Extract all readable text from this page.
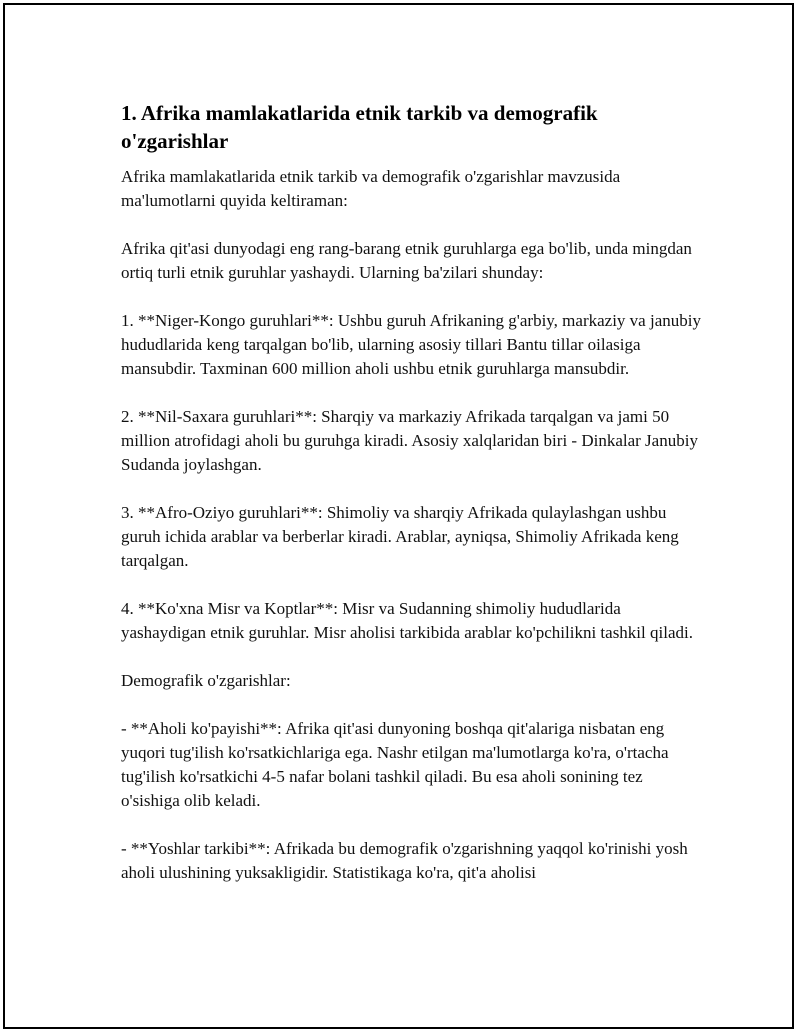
1. Afrika mamlakatlarida etnik tarkib va demografik o'zgarishlar

Afrika mamlakatlarida etnik tarkib va demografik o'zgarishlar mavzusida ma'lumotlarni quyida keltiraman:

Afrika qit'asi dunyodagi eng rang-barang etnik guruhlarga ega bo'lib, unda mingdan ortiq turli etnik guruhlar yashaydi. Ularning ba'zilari shunday:

1. **Niger-Kongo guruhlari**: Ushbu guruh Afrikaning g'arbiy, markaziy va janubiy hududlarida keng tarqalgan bo'lib, ularning asosiy tillari Bantu tillar oilasiga mansubdir. Taxminan 600 million aholi ushbu etnik guruhlarga mansubdir.

2. **Nil-Saxara guruhlari**: Sharqiy va markaziy Afrikada tarqalgan va jami 50 million atrofidagi aholi bu guruhga kiradi. Asosiy xalqlaridan biri - Dinkalar Janubiy Sudanda joylashgan.

3. **Afro-Oziyo guruhlari**: Shimoliy va sharqiy Afrikada qulaylashgan ushbu guruh ichida arablar va berberlar kiradi. Arablar, ayniqsa, Shimoliy Afrikada keng tarqalgan.

4. **Ko'xna Misr va Koptlar**: Misr va Sudanning shimoliy hududlarida yashaydigan etnik guruhlar. Misr aholisi tarkibida arablar ko'pchilikni tashkil qiladi.

Demografik o'zgarishlar:

- **Aholi ko'payishi**: Afrika qit'asi dunyoning boshqa qit'alariga nisbatan eng yuqori tug'ilish ko'rsatkichlariga ega. Nashr etilgan ma'lumotlarga ko'ra, o'rtacha tug'ilish ko'rsatkichi 4-5 nafar bolani tashkil qiladi. Bu esa aholi sonining tez o'sishiga olib keladi.

- **Yoshlar tarkibi**: Afrikada bu demografik o'zgarishning yaqqol ko'rinishi yosh aholi ulushining yuksakligidir. Statistikaga ko'ra, qit'a aholisi
